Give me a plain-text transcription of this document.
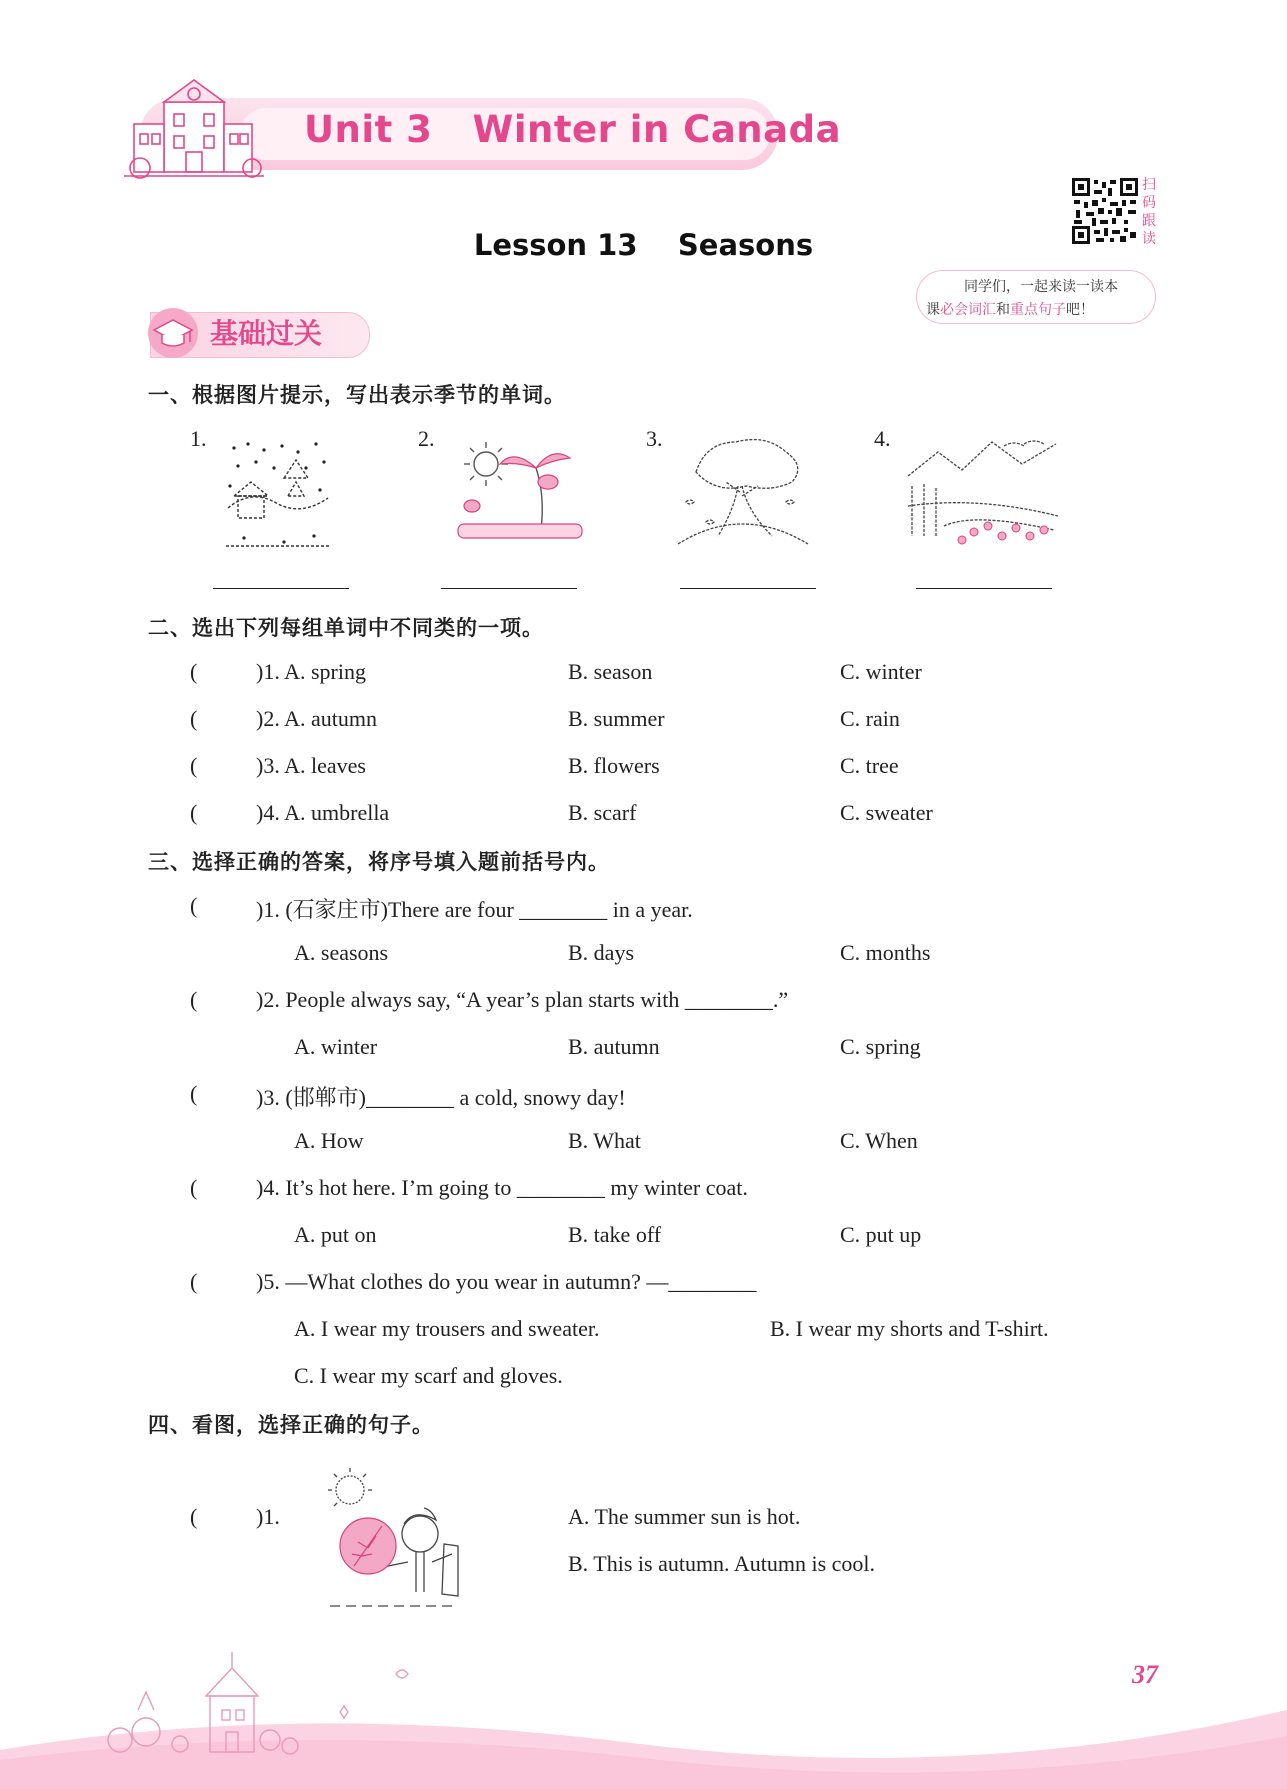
Unit 3   Winter in Canada
扫
码
跟
读
同学们，一起来读一读本
课必会词汇和重点句子吧！
Lesson 13    Seasons
基础过关
一、根据图片提示，写出表示季节的单词。
1.	2.	3.	4.
二、选出下列每组单词中不同类的一项。
(	)1. A. spring	B. season	C. winter
(	)2. A. autumn	B. summer	C. rain
(	)3. A. leaves	B. flowers	C. tree
(	)4. A. umbrella	B. scarf	C. sweater
三、选择正确的答案，将序号填入题前括号内。
(	)1. (石家庄市)There are four ________ in a year.
A. seasons	B. days	C. months
(	)2. People always say, “A year’s plan starts with ________.”
A. winter	B. autumn	C. spring
(	)3. (邯郸市)________ a cold, snowy day!
A. How	B. What	C. When
(	)4. It’s hot here. I’m going to ________ my winter coat.
A. put on	B. take off	C. put up
(	)5. —What clothes do you wear in autumn? —________
A. I wear my trousers and sweater.	B. I wear my shorts and T-shirt.
C. I wear my scarf and gloves.
四、看图，选择正确的句子。
(	)1.	A. The summer sun is hot.
B. This is autumn. Autumn is cool.
37
